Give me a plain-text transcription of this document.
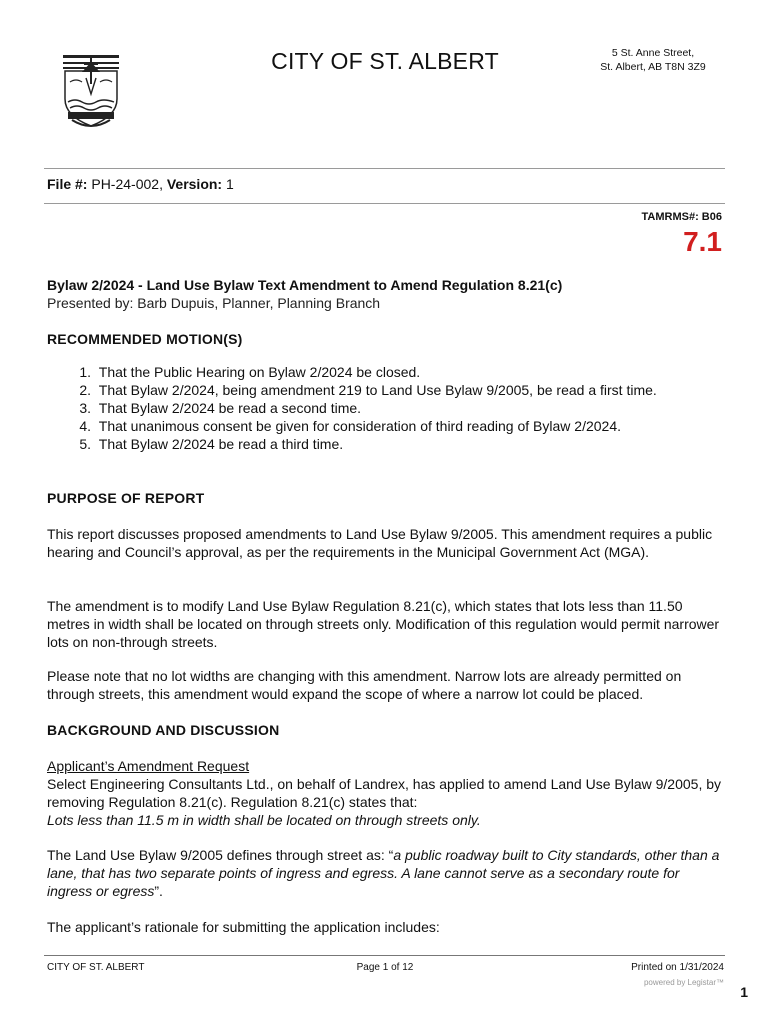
CITY OF ST. ALBERT	5 St. Anne Street,
St. Albert, AB T8N 3Z9
File #: PH-24-002, Version: 1
TAMRMS#: B06
7.1
Bylaw 2/2024 - Land Use Bylaw Text Amendment to Amend Regulation 8.21(c)
Presented by: Barb Dupuis, Planner, Planning Branch
RECOMMENDED MOTION(S)
1. That the Public Hearing on Bylaw 2/2024 be closed.
2. That Bylaw 2/2024, being amendment 219 to Land Use Bylaw 9/2005, be read a first time.
3. That Bylaw 2/2024 be read a second time.
4. That unanimous consent be given for consideration of third reading of Bylaw 2/2024.
5. That Bylaw 2/2024 be read a third time.
PURPOSE OF REPORT

This report discusses proposed amendments to Land Use Bylaw 9/2005. This amendment requires a public hearing and Council’s approval, as per the requirements in the Municipal Government Act (MGA).

The amendment is to modify Land Use Bylaw Regulation 8.21(c), which states that lots less than 11.50 metres in width shall be located on through streets only. Modification of this regulation would permit narrower lots on non-through streets.

Please note that no lot widths are changing with this amendment. Narrow lots are already permitted on through streets, this amendment would expand the scope of where a narrow lot could be placed.

BACKGROUND AND DISCUSSION

Applicant’s Amendment Request

Select Engineering Consultants Ltd., on behalf of Landrex, has applied to amend Land Use Bylaw 9/2005, by removing Regulation 8.21(c). Regulation 8.21(c) states that:

Lots less than 11.5 m in width shall be located on through streets only.

The Land Use Bylaw 9/2005 defines through street as: “a public roadway built to City standards, other than a lane, that has two separate points of ingress and egress. A lane cannot serve as a secondary route for ingress or egress”.

The applicant’s rationale for submitting the application includes:

CITY OF ST. ALBERT	Page 1 of 12	Printed on 1/31/2024
powered by Legistar™
1
